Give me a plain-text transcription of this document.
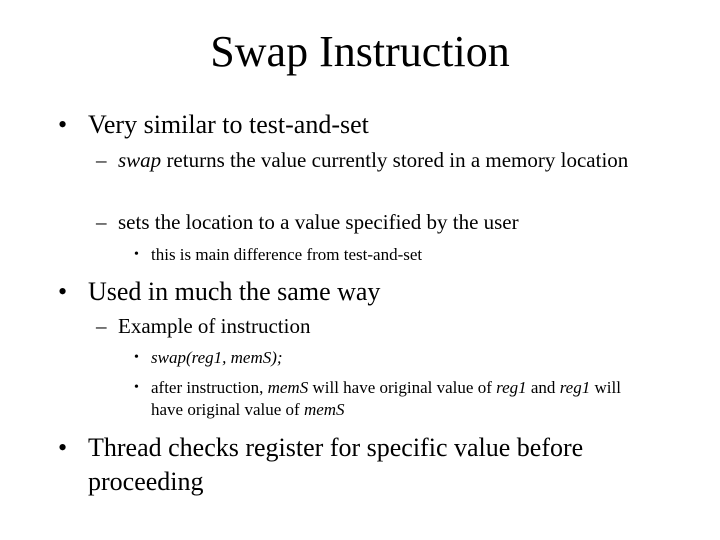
Swap Instruction
• Very similar to test-and-set
– swap returns the value currently stored in a memory location
– sets the location to a value specified by the user
• this is main difference from test-and-set
• Used in much the same way
– Example of instruction
• swap(reg1, memS);
• after instruction, memS will have original value of reg1 and reg1 will have original value of memS
• Thread checks register for specific value before proceeding
